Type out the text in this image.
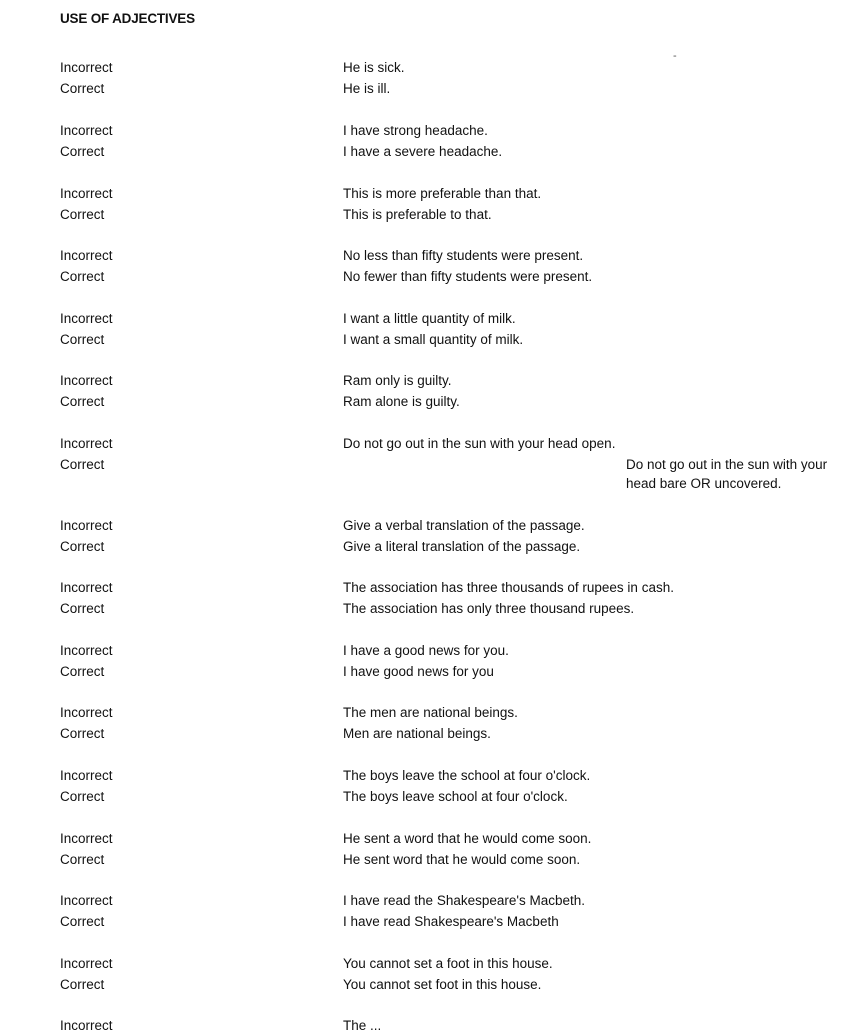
USE OF ADJECTIVES
-
Incorrect	He is sick.
Correct	He is ill.
Incorrect	I have strong headache.
Correct	I have a severe headache.
Incorrect	This is more preferable than that.
Correct	This is preferable to that.
Incorrect	No less than fifty students were present.
Correct	No fewer than fifty students were present.
Incorrect	I want a little quantity of milk.
Correct	I want a small quantity of milk.
Incorrect	Ram only is guilty.
Correct	Ram alone is guilty.
Incorrect	Do not go out in the sun with your head open.
Correct	Do not go out in the sun with your head bare OR uncovered.
Incorrect	Give a verbal translation of the passage.
Correct	Give a literal translation of the passage.
Incorrect	The association has three thousands of rupees in cash.
Correct	The association has only three thousand rupees.
Incorrect	I have a good news for you.
Correct	I have good news for you
Incorrect	The men are national beings.
Correct	Men are national beings.
Incorrect	The boys leave the school at four o'clock.
Correct	The boys leave school at four o'clock.
Incorrect	He sent a word that he would come soon.
Correct	He sent word that he would come soon.
Incorrect	I have read the Shakespeare's Macbeth.
Correct	I have read Shakespeare's Macbeth
Incorrect	You cannot set a foot in this house.
Correct	You cannot set foot in this house.
Incorrect	The ...
